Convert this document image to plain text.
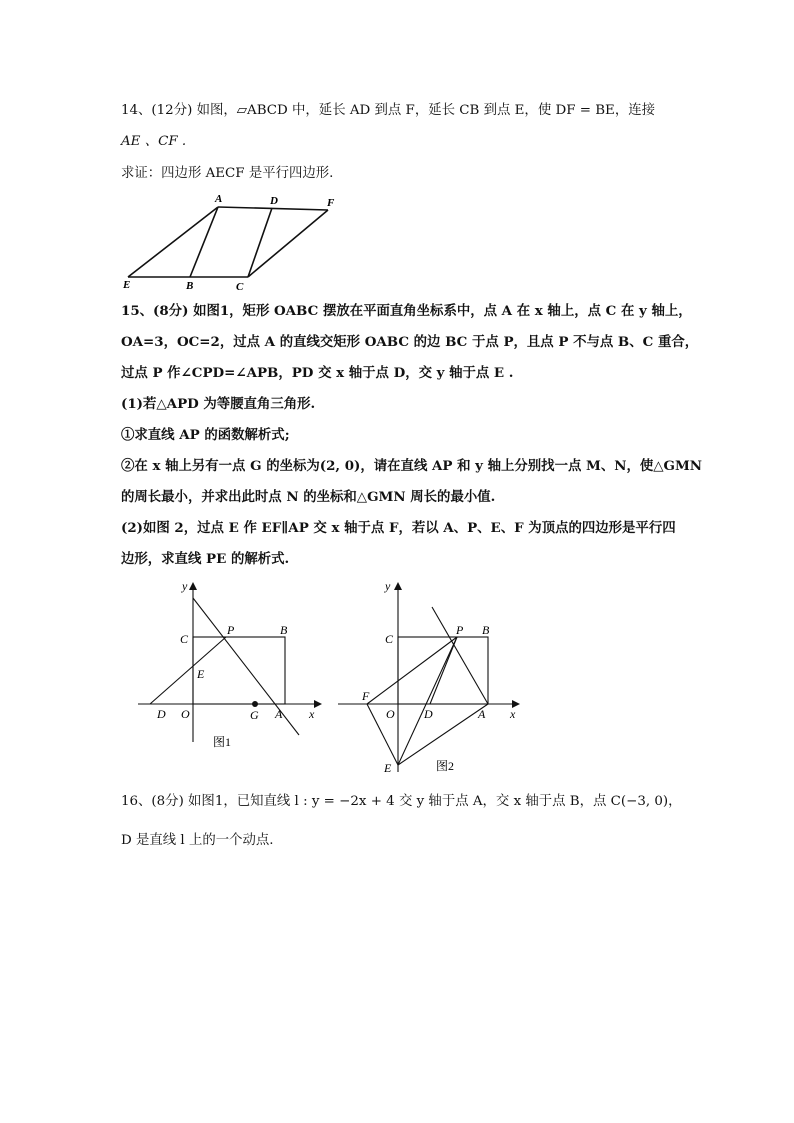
14、(12分) 如图，▱ABCD 中，延长 AD 到点 F，延长 CB 到点 E，使 DF = BE，连接
AE 、CF .
求证：四边形 AECF 是平行四边形.
A	D	F
E	B	C
15、(8分) 如图1，矩形 OABC 摆放在平面直角坐标系中，点 A 在 x 轴上，点 C 在 y 轴上，
OA=3，OC=2，过点 A 的直线交矩形 OABC 的边 BC 于点 P，且点 P 不与点 B、C 重合，
过点 P 作∠CPD=∠APB，PD 交 x 轴于点 D，交 y 轴于点 E .
(1)若△APD 为等腰直角三角形.
①求直线 AP 的函数解析式;
②在 x 轴上另有一点 G 的坐标为(2, 0)，请在直线 AP 和 y 轴上分别找一点 M、N，使△GMN
的周长最小，并求出此时点 N 的坐标和△GMN 周长的最小值.
(2)如图 2，过点 E 作 EF∥AP 交 x 轴于点 F，若以 A、P、E、F 为顶点的四边形是平行四
边形，求直线 PE 的解析式.
y
x
C
P	B
E
D O	G A
图1
y
x
C
P B
F
O D	A
E	图2
16、(8分) 如图1，已知直线 l : y = −2x + 4 交 y 轴于点 A，交 x 轴于点 B，点 C(−3, 0)，
D 是直线 l 上的一个动点.
